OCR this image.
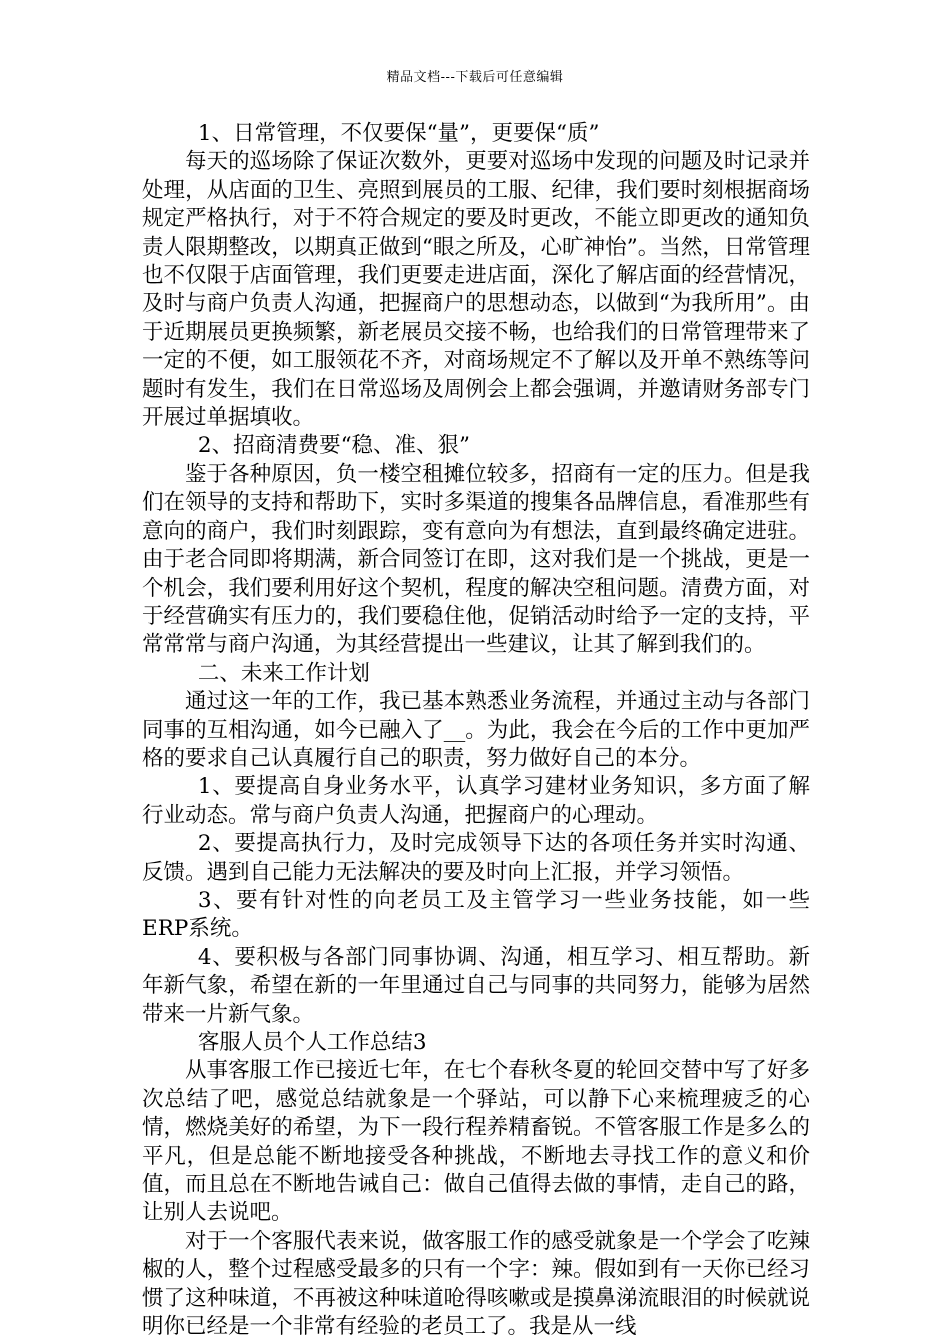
精品文档---下载后可任意编辑

1、日常管理，不仅要保“量”，更要保“质”

每天的巡场除了保证次数外，更要对巡场中发现的问题及时记录并处理，从店面的卫生、亮照到展员的工服、纪律，我们要时刻根据商场规定严格执行，对于不符合规定的要及时更改，不能立即更改的通知负责人限期整改，以期真正做到“眼之所及，心旷神怡”。当然，日常管理也不仅限于店面管理，我们更要走进店面，深化了解店面的经营情况，及时与商户负责人沟通，把握商户的思想动态，以做到“为我所用”。由于近期展员更换频繁，新老展员交接不畅，也给我们的日常管理带来了一定的不便，如工服领花不齐，对商场规定不了解以及开单不熟练等问题时有发生，我们在日常巡场及周例会上都会强调，并邀请财务部专门开展过单据填收。

2、招商清费要“稳、准、狠”

鉴于各种原因，负一楼空租摊位较多，招商有一定的压力。但是我们在领导的支持和帮助下，实时多渠道的搜集各品牌信息，看准那些有意向的商户，我们时刻跟踪，变有意向为有想法，直到最终确定进驻。由于老合同即将期满，新合同签订在即，这对我们是一个挑战，更是一个机会，我们要利用好这个契机，程度的解决空租问题。清费方面，对于经营确实有压力的，我们要稳住他，促销活动时给予一定的支持，平常常常与商户沟通，为其经营提出一些建议，让其了解到我们的。

二、未来工作计划

通过这一年的工作，我已基本熟悉业务流程，并通过主动与各部门同事的互相沟通，如今已融入了__。为此，我会在今后的工作中更加严格的要求自己认真履行自己的职责，努力做好自己的本分。

1、要提高自身业务水平，认真学习建材业务知识，多方面了解行业动态。常与商户负责人沟通，把握商户的心理动。

2、要提高执行力，及时完成领导下达的各项任务并实时沟通、反馈。遇到自己能力无法解决的要及时向上汇报，并学习领悟。

3、要有针对性的向老员工及主管学习一些业务技能，如一些ERP系统。

4、要积极与各部门同事协调、沟通，相互学习、相互帮助。新年新气象，希望在新的一年里通过自己与同事的共同努力，能够为居然带来一片新气象。

客服人员个人工作总结3

从事客服工作已接近七年，在七个春秋冬夏的轮回交替中写了好多次总结了吧，感觉总结就象是一个驿站，可以静下心来梳理疲乏的心情，燃烧美好的希望，为下一段行程养精畜锐。不管客服工作是多么的平凡，但是总能不断地接受各种挑战，不断地去寻找工作的意义和价值，而且总在不断地告诫自己：做自己值得去做的事情，走自己的路，让别人去说吧。

对于一个客服代表来说，做客服工作的感受就象是一个学会了吃辣椒的人，整个过程感受最多的只有一个字：辣。假如到有一天你已经习惯了这种味道，不再被这种味道呛得咳嗽或是摸鼻涕流眼泪的时候就说明你已经是一个非常有经验的老员工了。我是从一线
